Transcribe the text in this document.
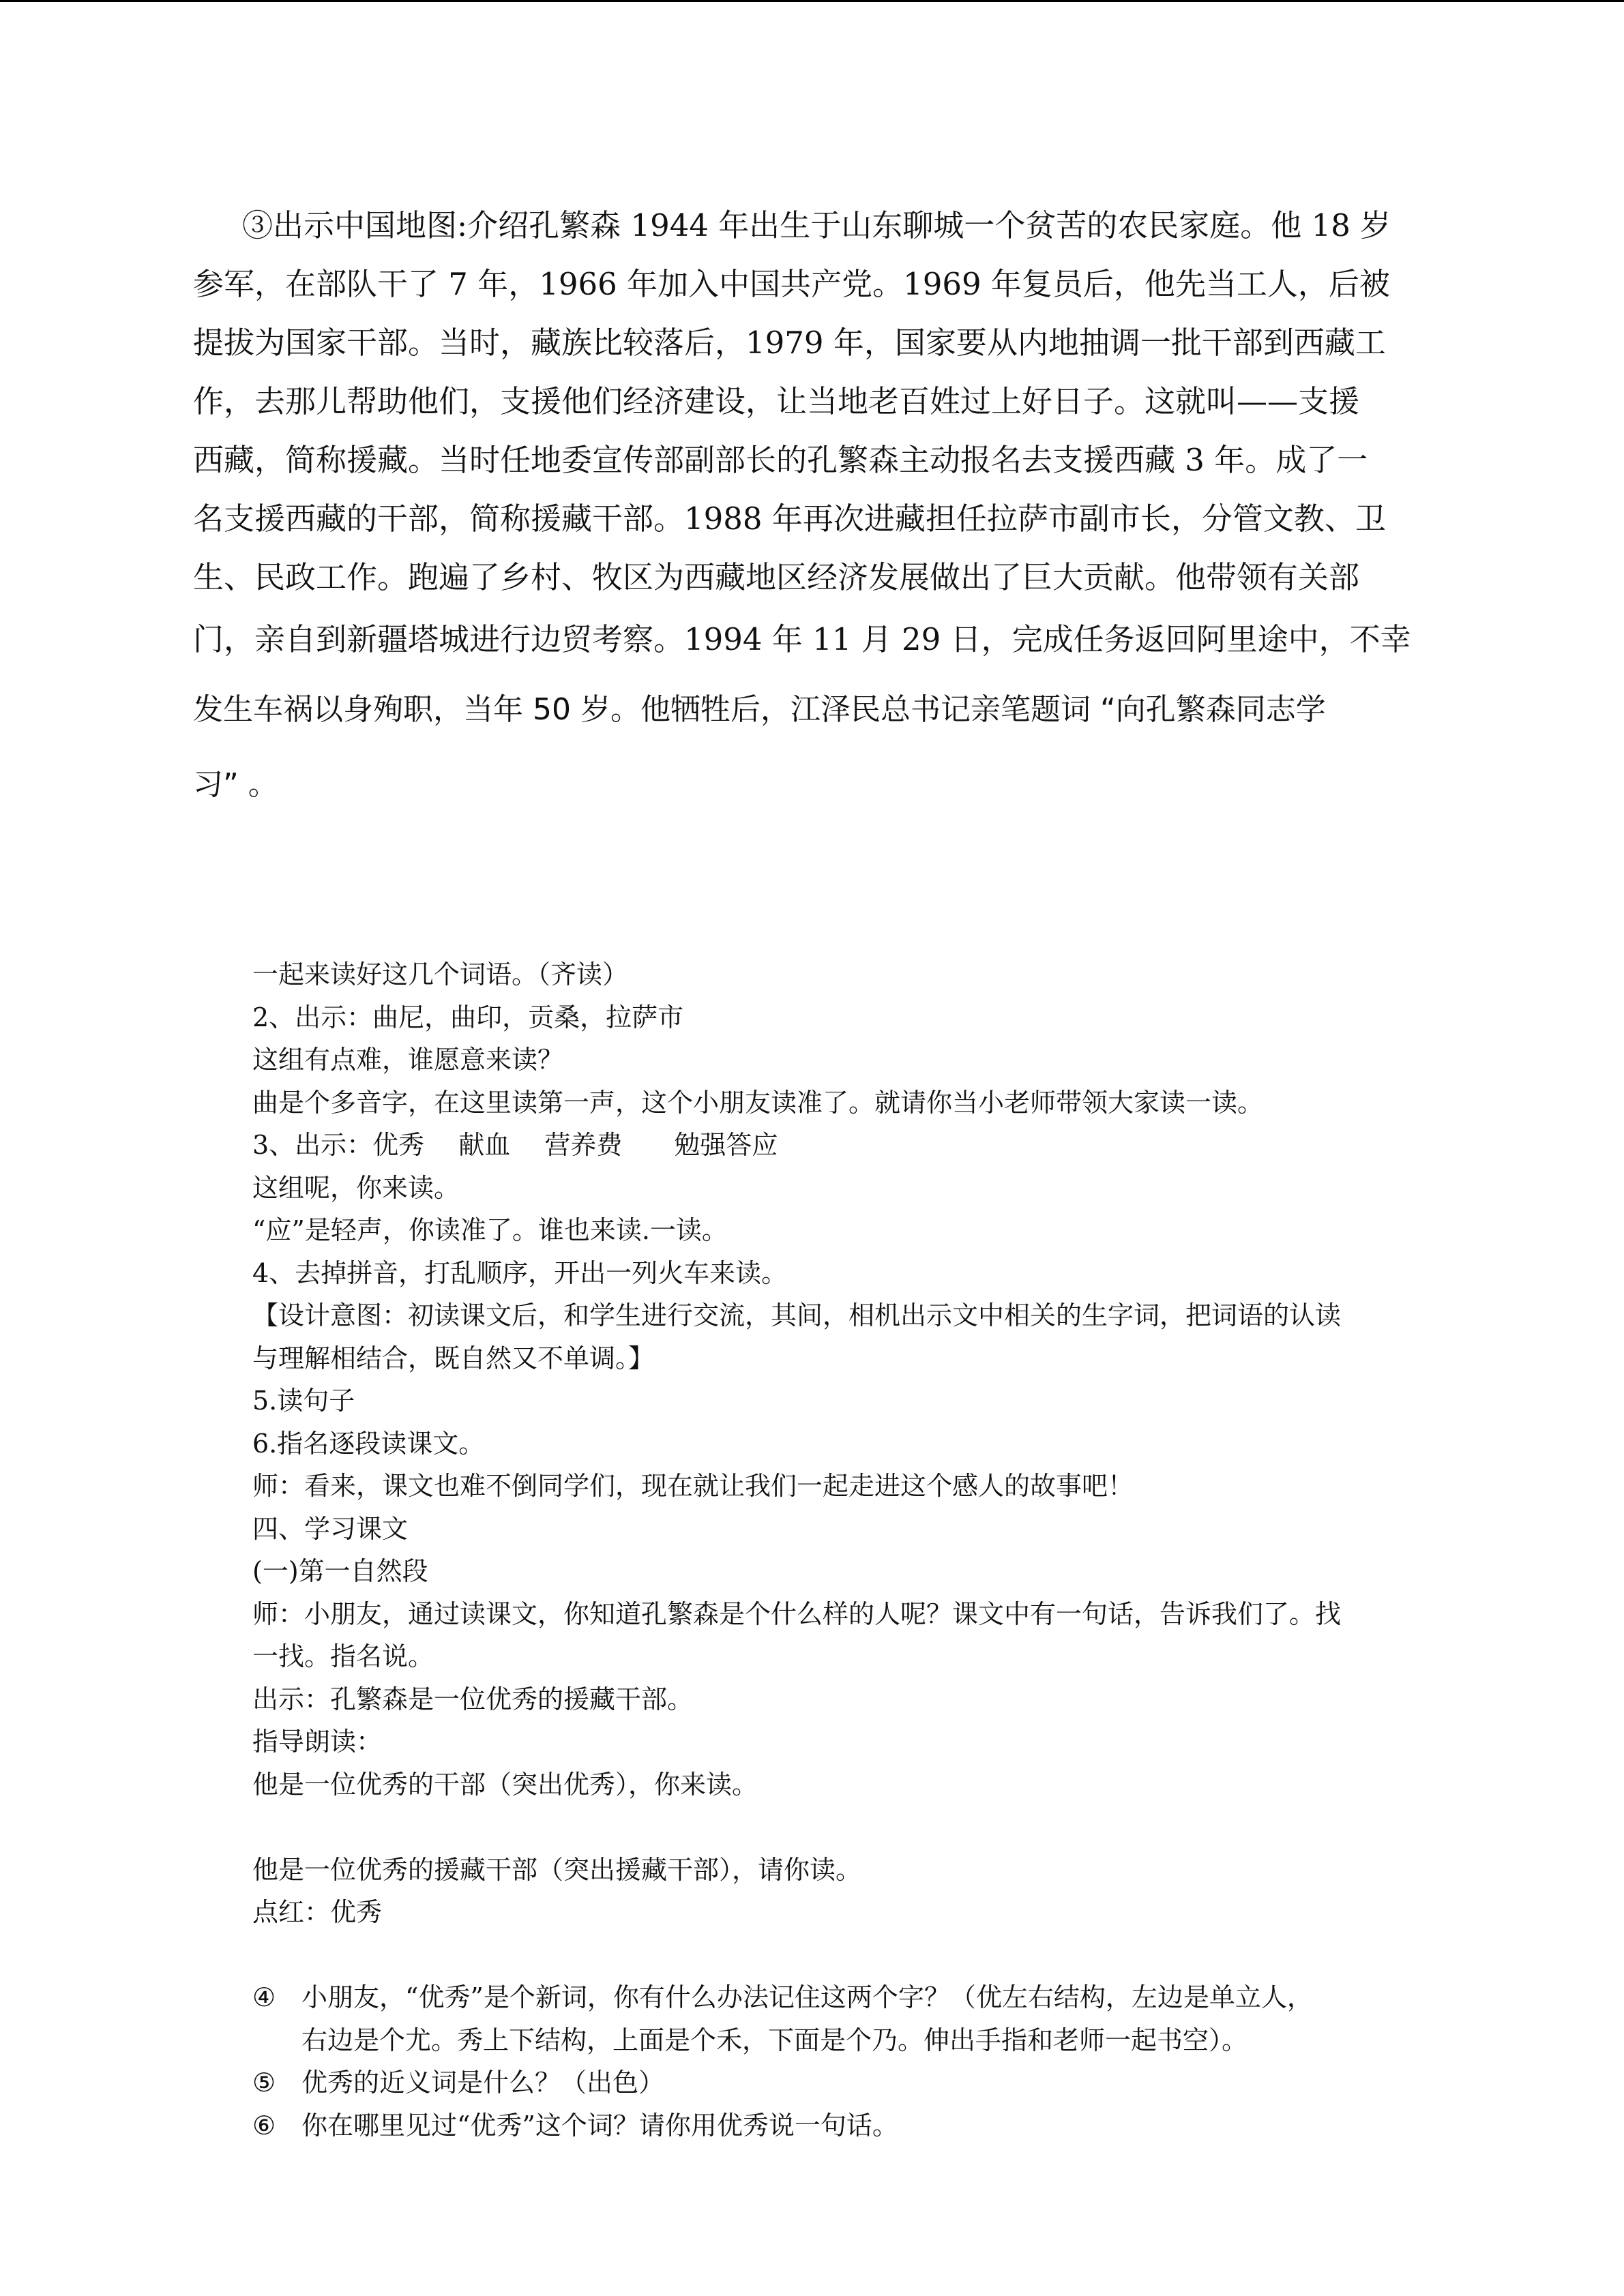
③出示中国地图:介绍孔繁森 1944 年出生于山东聊城一个贫苦的农民家庭。他 18 岁
参军，在部队干了 7 年，1966 年加入中国共产党。1969 年复员后，他先当工人，后被
提拔为国家干部。当时，藏族比较落后，1979 年，国家要从内地抽调一批干部到西藏工
作，去那儿帮助他们，支援他们经济建设，让当地老百姓过上好日子。这就叫——支援
西藏，简称援藏。当时任地委宣传部副部长的孔繁森主动报名去支援西藏 3 年。成了一
名支援西藏的干部，简称援藏干部。1988 年再次进藏担任拉萨市副市长，分管文教、卫
生、民政工作。跑遍了乡村、牧区为西藏地区经济发展做出了巨大贡献。他带领有关部
门，亲自到新疆塔城进行边贸考察。1994 年 11 月 29 日，完成任务返回阿里途中，不幸
发生车祸以身殉职，当年 50 岁。他牺牲后，江泽民总书记亲笔题词 “向孔繁森同志学
习” 。
一起来读好这几个词语。（齐读）
2、出示：曲尼，曲印，贡桑，拉萨市
这组有点难，谁愿意来读？
曲是个多音字，在这里读第一声，这个小朋友读准了。就请你当小老师带领大家读一读。
3、出示：优秀　 献血　 营养费　　勉强答应
这组呢，你来读。
“应”是轻声，你读准了。谁也来读.一读。
4、去掉拼音，打乱顺序，开出一列火车来读。
【设计意图：初读课文后，和学生进行交流，其间，相机出示文中相关的生字词，把词语的认读
与理解相结合，既自然又不单调。】
5.读句子
6.指名逐段读课文。
师：看来，课文也难不倒同学们，现在就让我们一起走进这个感人的故事吧！
四、学习课文
(一)第一自然段
师：小朋友，通过读课文，你知道孔繁森是个什么样的人呢？课文中有一句话，告诉我们了。找
一找。指名说。
出示：孔繁森是一位优秀的援藏干部。
指导朗读：
他是一位优秀的干部（突出优秀），你来读。
他是一位优秀的援藏干部（突出援藏干部），请你读。
点红：优秀
④ 小朋友，“优秀”是个新词，你有什么办法记住这两个字？（优左右结构，左边是单立人，
右边是个尤。秀上下结构，上面是个禾，下面是个乃。伸出手指和老师一起书空）。
⑤ 优秀的近义词是什么？（出色）
⑥ 你在哪里见过“优秀”这个词？请你用优秀说一句话。
